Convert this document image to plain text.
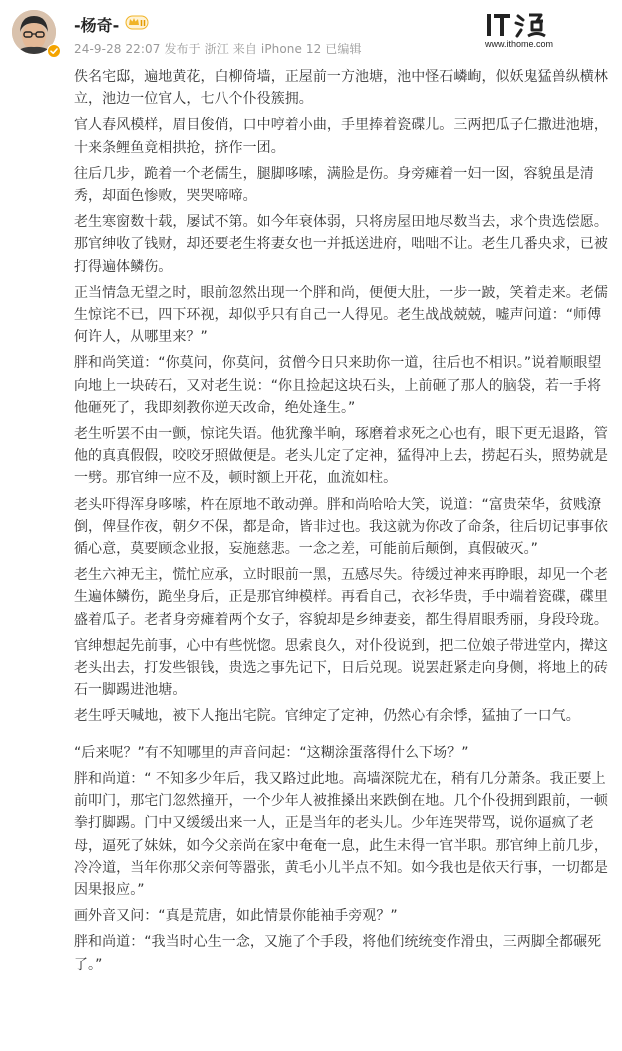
-杨奇-	II
24-9-28 22:07 发布于 浙江 来自 iPhone 12 已编辑	www.ithome.com

佚名宅邸，遍地黄花，白柳倚墙，正屋前一方池塘，池中怪石嶙峋，似妖鬼猛兽纵横林立，池边一位官人，七八个仆役簇拥。

官人春风模样，眉目俊俏，口中哼着小曲，手里捧着瓷碟儿。三两把瓜子仁撒进池塘，十来条鲤鱼竟相拱抢，挤作一团。

往后几步，跪着一个老儒生，腿脚哆嗦，满脸是伤。身旁瘫着一妇一囡，容貌虽是清秀，却面色惨败，哭哭啼啼。

老生寒窗数十载，屡试不第。如今年衰体弱，只将房屋田地尽数当去，求个贵选偿愿。那官绅收了钱财，却还要老生将妻女也一并抵送进府，咄咄不让。老生几番央求，已被打得遍体鳞伤。

正当情急无望之时，眼前忽然出现一个胖和尚，便便大肚，一步一跛，笑着走来。老儒生惊诧不已，四下环视，却似乎只有自己一人得见。老生战战兢兢，嘘声问道：“师傅何许人，从哪里来？”

胖和尚笑道：“你莫问，你莫问，贫僧今日只来助你一道，往后也不相识。”说着顺眼望向地上一块砖石，又对老生说：“你且捡起这块石头，上前砸了那人的脑袋，若一手将他砸死了，我即刻教你逆天改命，绝处逢生。”

老生听罢不由一颤，惊诧失语。他犹豫半晌，琢磨着求死之心也有，眼下更无退路，管他的真真假假，咬咬牙照做便是。老头儿定了定神，猛得冲上去，捞起石头，照势就是一劈。那官绅一应不及，顿时额上开花，血流如柱。

老头吓得浑身哆嗦，杵在原地不敢动弹。胖和尚哈哈大笑，说道：“富贵荣华，贫贱潦倒，俾昼作夜，朝夕不保，都是命，皆非过也。我这就为你改了命条，往后切记事事依循心意，莫要顾念业报，妄施慈悲。一念之差，可能前后颠倒，真假破灭。”

老生六神无主，慌忙应承，立时眼前一黑，五感尽失。待缓过神来再睁眼，却见一个老生遍体鳞伤，跪坐身后，正是那官绅模样。再看自己，衣衫华贵，手中端着瓷碟，碟里盛着瓜子。老者身旁瘫着两个女子，容貌却是乡绅妻妾，都生得眉眼秀丽，身段玲珑。

官绅想起先前事，心中有些恍惚。思索良久，对仆役说到，把二位娘子带进堂内，撵这老头出去，打发些银钱，贵选之事先记下，日后兑现。说罢赶紧走向身侧，将地上的砖石一脚踢进池塘。

老生呼天喊地，被下人拖出宅院。官绅定了定神，仍然心有余悸，猛抽了一口气。

“后来呢？”有不知哪里的声音问起：“这糊涂蛋落得什么下场？”

胖和尚道：“ 不知多少年后，我又路过此地。高墙深院尤在，稍有几分萧条。我正要上前叩门，那宅门忽然撞开，一个少年人被推搡出来跌倒在地。几个仆役拥到跟前，一顿拳打脚踢。门中又缓缓出来一人，正是当年的老头儿。少年连哭带骂，说你逼疯了老母，逼死了妹妹，如今父亲尚在家中奄奄一息，此生未得一官半职。那官绅上前几步，冷冷道，当年你那父亲何等嚣张，黄毛小儿半点不知。如今我也是依天行事，一切都是因果报应。”

画外音又问：“真是荒唐，如此情景你能袖手旁观？”

胖和尚道：“我当时心生一念，又施了个手段，将他们统统变作滑虫，三两脚全都碾死了。”
